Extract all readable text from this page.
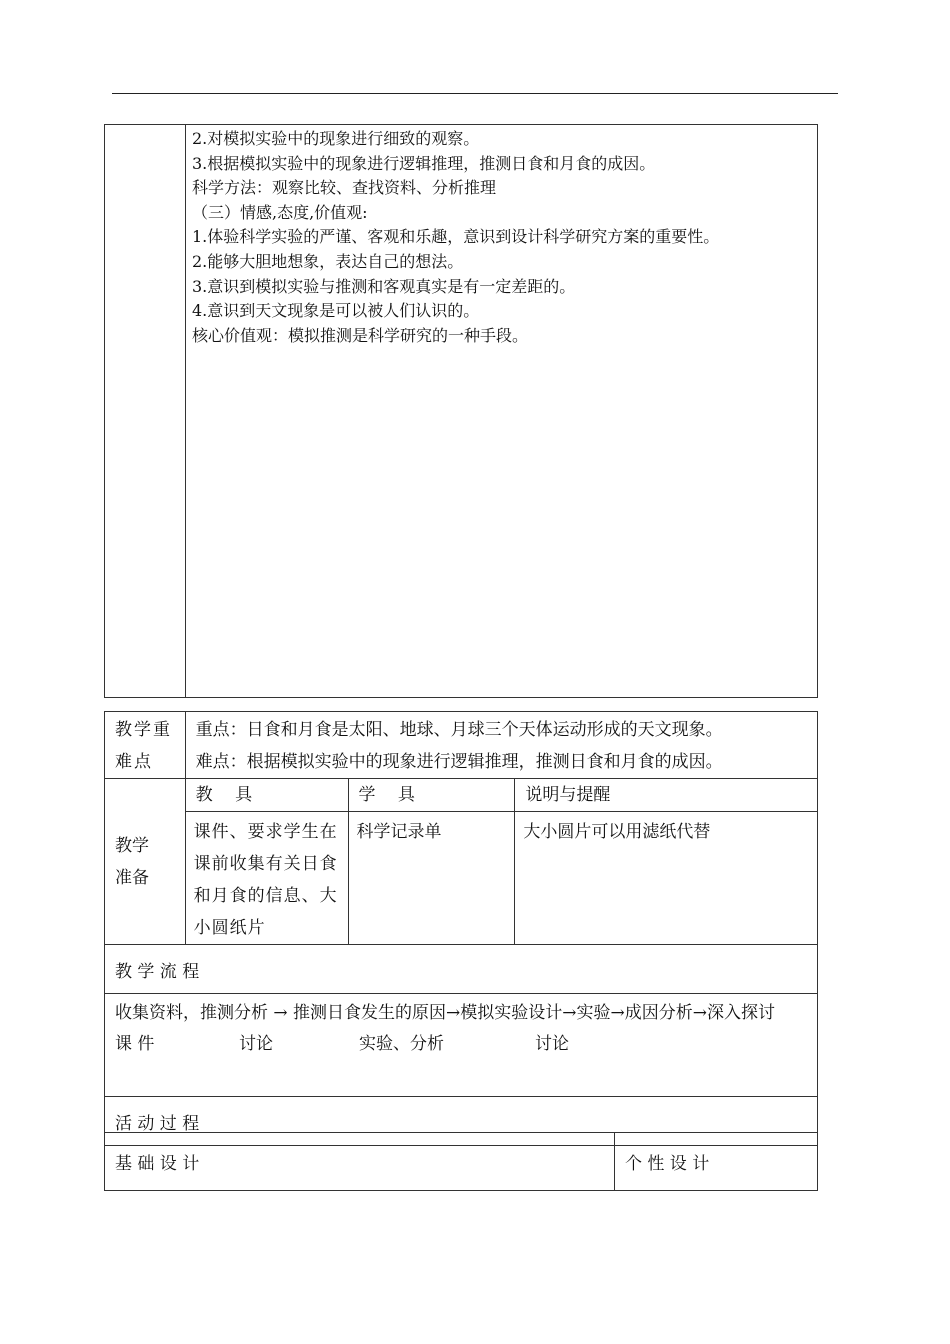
2.对模拟实验中的现象进行细致的观察。
3.根据模拟实验中的现象进行逻辑推理，推测日食和月食的成因。
科学方法：观察比较、查找资料、分析推理
（三）情感,态度,价值观:
1.体验科学实验的严谨、客观和乐趣，意识到设计科学研究方案的重要性。
2.能够大胆地想象，表达自己的想法。
3.意识到模拟实验与推测和客观真实是有一定差距的。
4.意识到天文现象是可以被人们认识的。
核心价值观：模拟推测是科学研究的一种手段。
教学重难点	重点：日食和月食是太阳、地球、月球三个天体运动形成的天文现象。
难点：根据模拟实验中的现象进行逻辑推理，推测日食和月食的成因。		

教学
准备	教　 具	学　 具	说明与提醒
	课件、要求学生在课前收集有关日食和月食的信息、大小圆纸片	科学记录单	大小圆片可以用滤纸代替
教 学 流 程			

收集资料，推测分析 → 推测日食发生的原因→模拟实验设计→实验→成因分析→深入探讨
课 件 讨论 实验、分析 讨论			

活 动 过 程			
基 础 设 计	个 性 设 计
